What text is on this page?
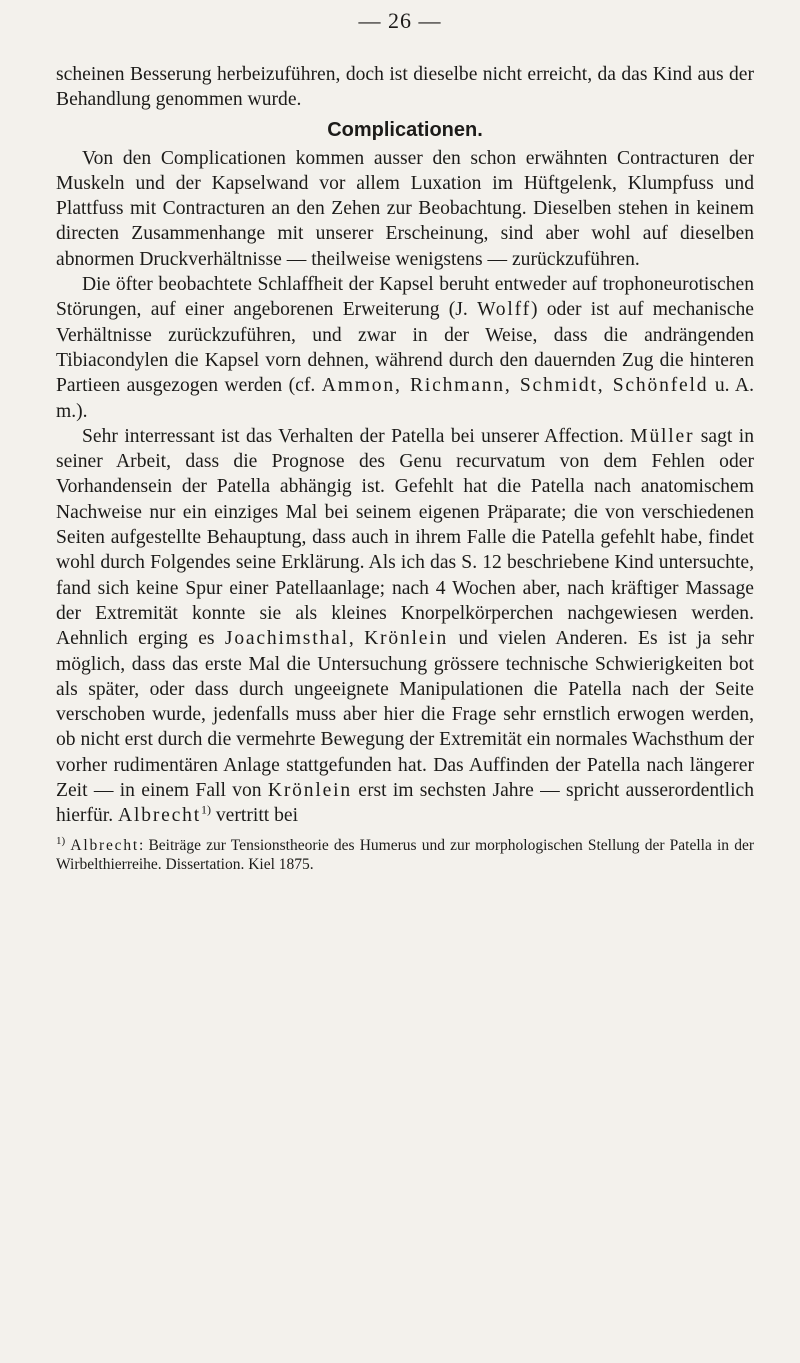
— 26 —

scheinen Besserung herbeizuführen, doch ist dieselbe nicht erreicht, da das Kind aus der Behandlung genommen wurde.

Complicationen.

Von den Complicationen kommen ausser den schon erwähnten Contracturen der Muskeln und der Kapselwand vor allem Luxation im Hüftgelenk, Klumpfuss und Plattfuss mit Contracturen an den Zehen zur Beobachtung. Dieselben stehen in keinem directen Zusammenhange mit unserer Erscheinung, sind aber wohl auf dieselben abnormen Druckverhältnisse — theilweise wenigstens — zurückzuführen.

Die öfter beobachtete Schlaffheit der Kapsel beruht entweder auf trophoneurotischen Störungen, auf einer angeborenen Erweiterung (J. Wolff) oder ist auf mechanische Verhältnisse zurückzuführen, und zwar in der Weise, dass die andrängenden Tibiacondylen die Kapsel vorn dehnen, während durch den dauernden Zug die hinteren Partieen ausgezogen werden (cf. Ammon, Richmann, Schmidt, Schönfeld u. A. m.).

Sehr interressant ist das Verhalten der Patella bei unserer Affection. Müller sagt in seiner Arbeit, dass die Prognose des Genu recurvatum von dem Fehlen oder Vorhandensein der Patella abhängig ist. Gefehlt hat die Patella nach anatomischem Nachweise nur ein einziges Mal bei seinem eigenen Präparate; die von verschiedenen Seiten aufgestellte Behauptung, dass auch in ihrem Falle die Patella gefehlt habe, findet wohl durch Folgendes seine Erklärung. Als ich das S. 12 beschriebene Kind untersuchte, fand sich keine Spur einer Patellaanlage; nach 4 Wochen aber, nach kräftiger Massage der Extremität konnte sie als kleines Knorpelkörperchen nachgewiesen werden. Aehnlich erging es Joachimsthal, Krönlein und vielen Anderen. Es ist ja sehr möglich, dass das erste Mal die Untersuchung grössere technische Schwierigkeiten bot als später, oder dass durch ungeeignete Manipulationen die Patella nach der Seite verschoben wurde, jedenfalls muss aber hier die Frage sehr ernstlich erwogen werden, ob nicht erst durch die vermehrte Bewegung der Extremität ein normales Wachsthum der vorher rudimentären Anlage stattgefunden hat. Das Auffinden der Patella nach längerer Zeit — in einem Fall von Krönlein erst im sechsten Jahre — spricht ausserordentlich hierfür. Albrecht$^{1)}$ vertritt bei

$^{1)}$ Albrecht: Beiträge zur Tensionstheorie des Humerus und zur morphologischen Stellung der Patella in der Wirbelthierreihe. Dissertation. Kiel 1875.
